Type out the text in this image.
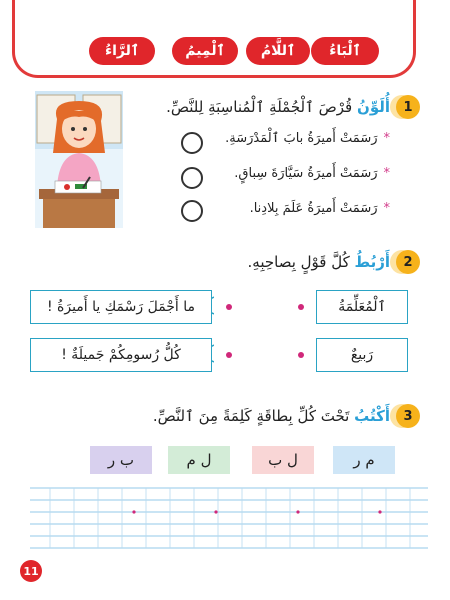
ٱلْبَاءُ
ٱللَّامُ
ٱلْمِيمُ
ٱلرَّاءُ
1
أُلَوِّنُ قُرْصَ ٱلْجُمْلَةِ ٱلْمُناسِبَةِ لِلنَّصِّ.
*رَسَمَتْ أَميرَةُ بابَ ٱلْمَدْرَسَةِ.
*رَسَمَتْ أَميرَةُ سَيَّارَةَ سِباقٍ.
*رَسَمَتْ أَميرَةُ عَلَمَ بِلادِنا.
2
أَرْبُطُ كُلَّ قَوْلٍ بِصاحِبِهِ.
ٱلْمُعَلِّمَةُ
رَبيعٌ
ما أَجْمَلَ رَسْمَكِ يا أَميرَةُ !
كُلُّ رُسومِكُمْ جَميلَةٌ !
3
أَكْتُبُ تَحْتَ كُلِّ بِطاقَةٍ كَلِمَةً مِنَ ٱلنَّصِّ.
ب ر	ل م	ل ب	م ر
11
